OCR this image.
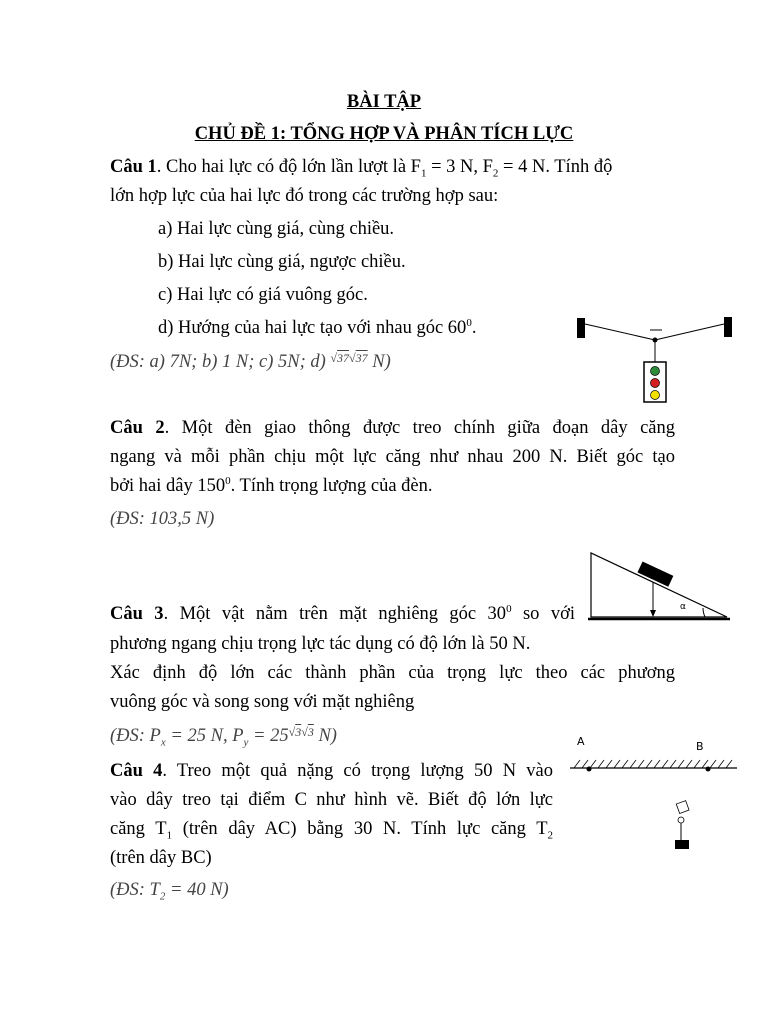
BÀI TẬP
CHỦ ĐỀ 1: TỔNG HỢP VÀ PHÂN TÍCH LỰC
Câu 1. Cho hai lực có độ lớn lần lượt là $F_1 = 3$ N, $F_2 = 4$ N. Tính độ
lớn hợp lực của hai lực đó trong các trường hợp sau:
a) Hai lực cùng giá, cùng chiều.
b) Hai lực cùng giá, ngược chiều.
c) Hai lực có giá vuông góc.
d) Hướng của hai lực tạo với nhau góc $60^0$.
(ĐS: a) 7N; b) 1 N; c) 5N; d) $^{√37√37}$ N)
Câu 2. Một đèn giao thông được treo chính giữa đoạn dây căng
ngang và mỗi phần chịu một lực căng như nhau 200 N. Biết góc tạo
bởi hai dây $150^0$. Tính trọng lượng của đèn.
(ĐS: 103,5 N)
α
Câu 3. Một vật nằm trên mặt nghiêng góc $30^0$ so với
phương ngang chịu trọng lực tác dụng có độ lớn là 50 N.
Xác định độ lớn các thành phần của trọng lực theo các phương
vuông góc và song song với mặt nghiêng
(ĐS: $P_x = 25$ N, $P_y = 25^{√3√3}$ N)	A	B
Câu 4. Treo một quả nặng có trọng lượng 50 N vào
vào dây treo tại điểm C như hình vẽ. Biết độ lớn lực
căng $T_1$ (trên dây AC) bằng 30 N. Tính lực căng $T_2$
(trên dây BC)
(ĐS: $T_2 = 40$ N)
